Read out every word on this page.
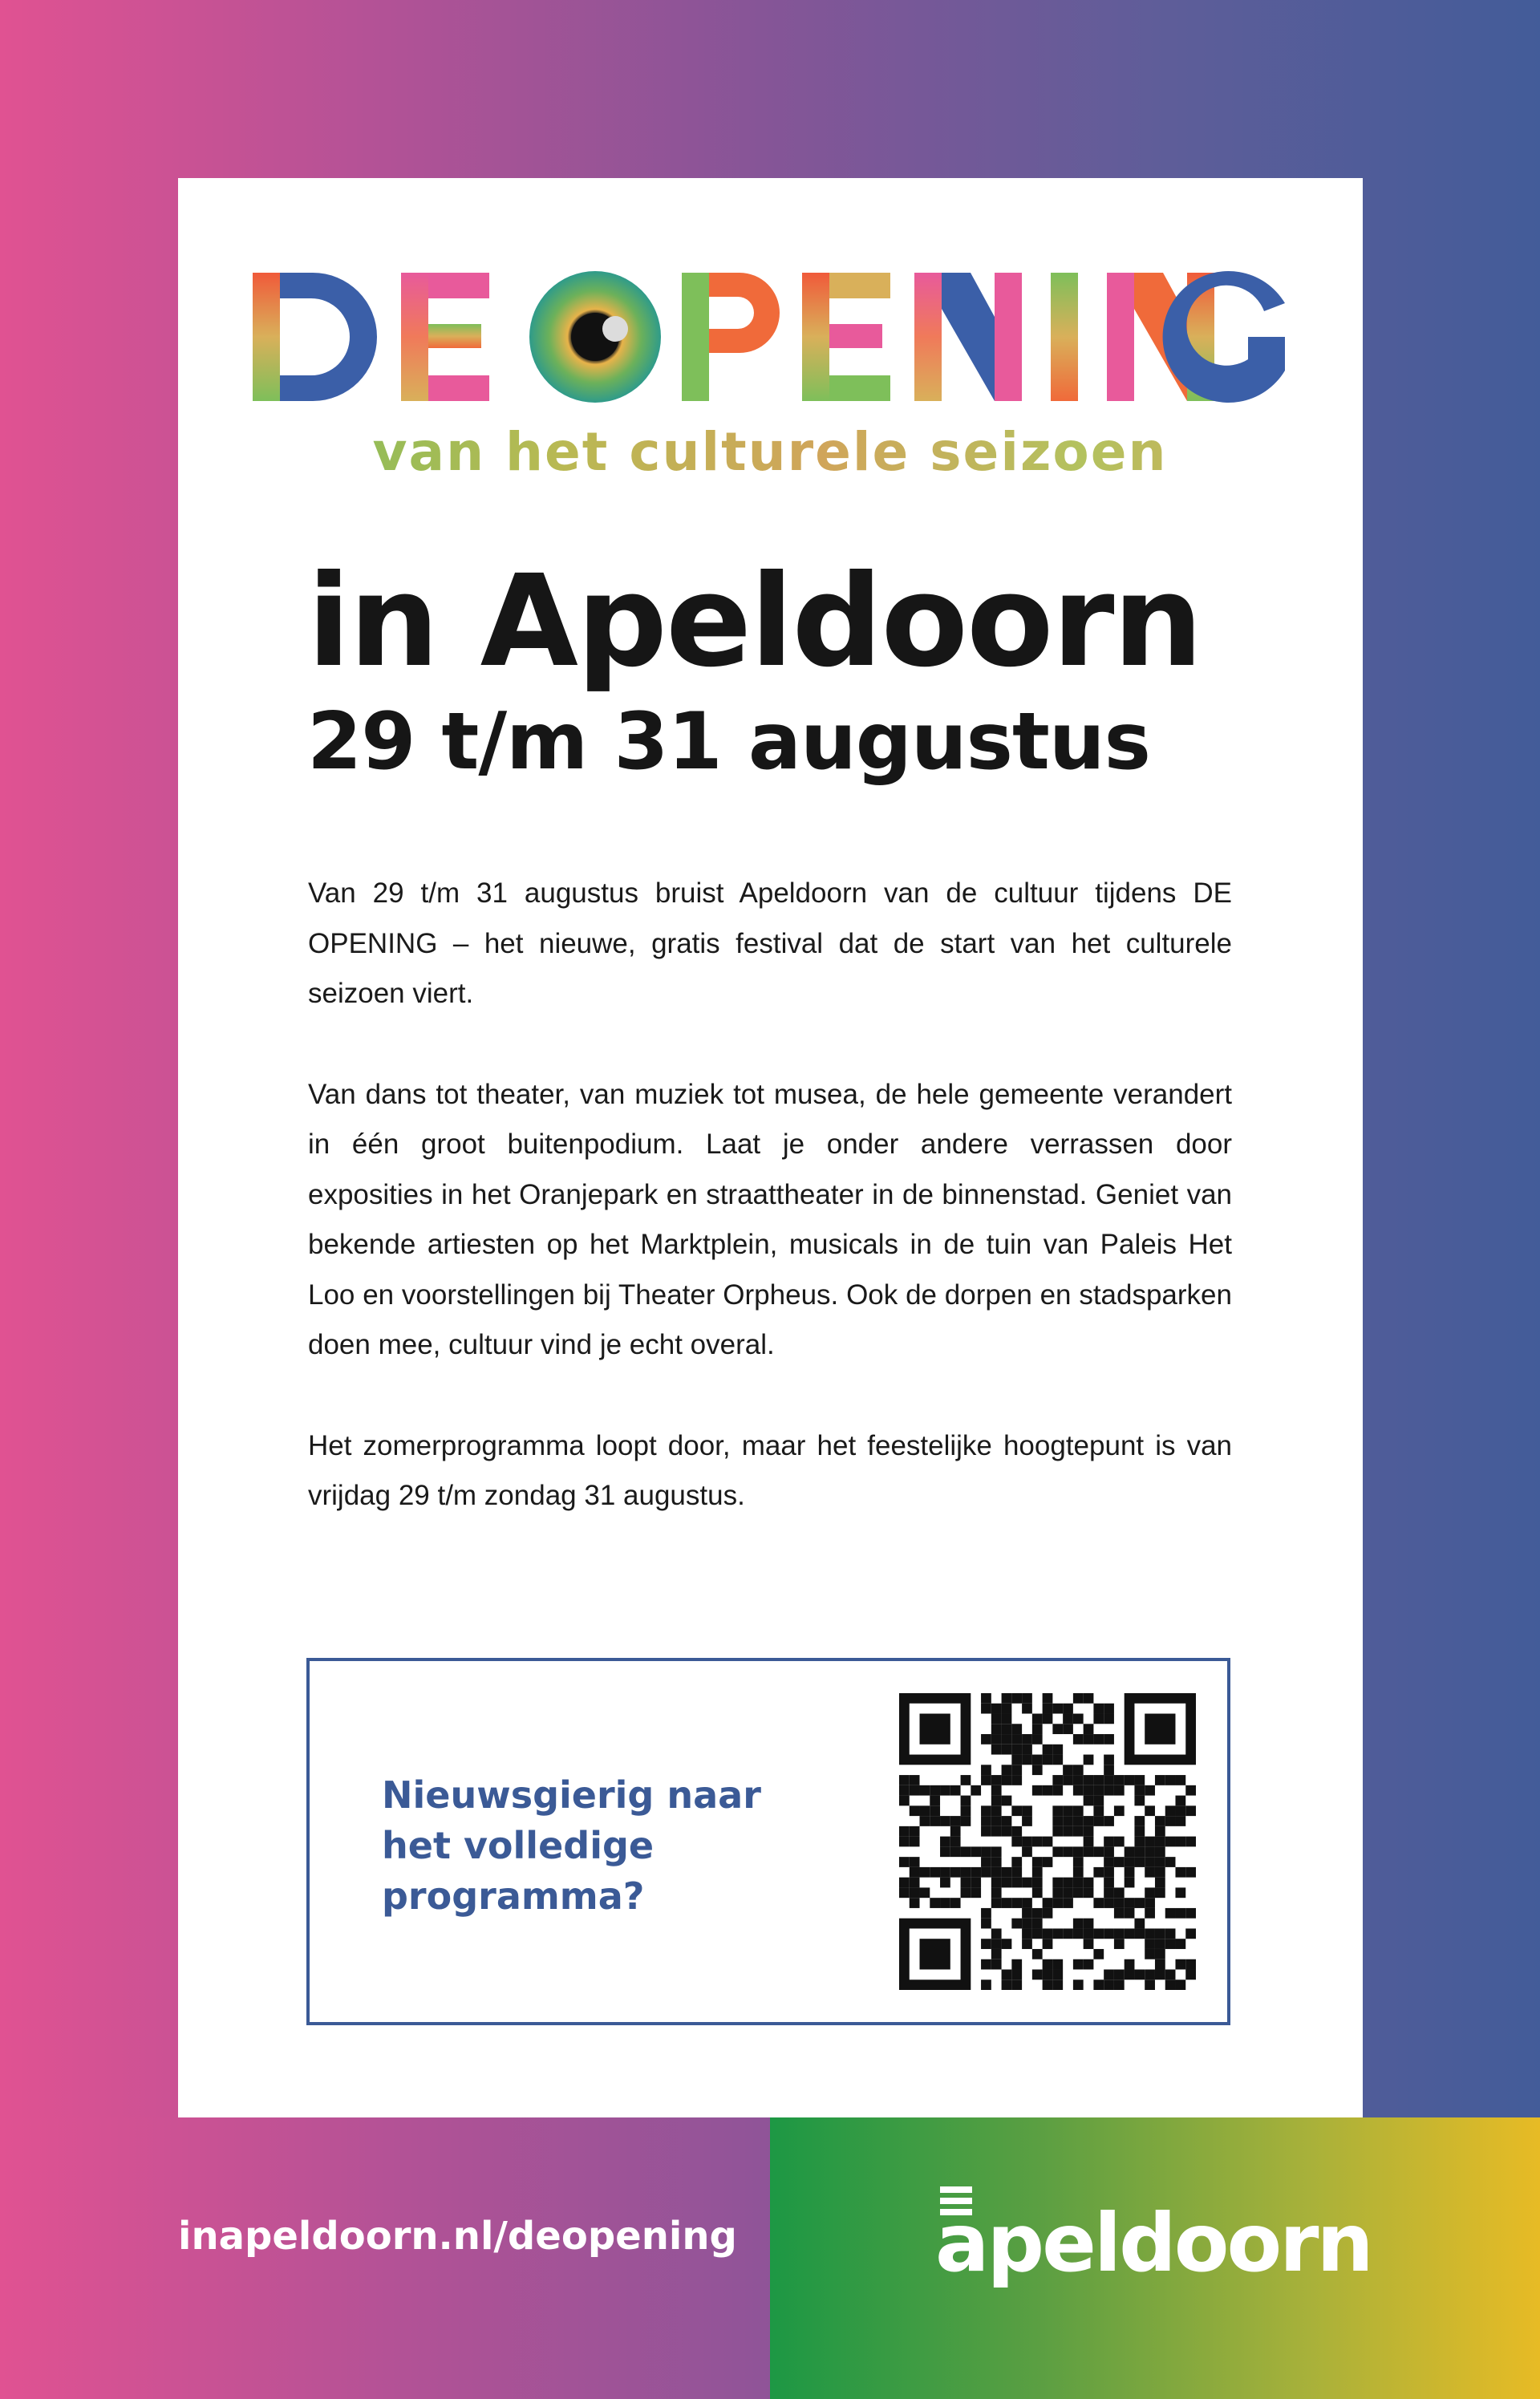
van het culturele seizoen
in Apeldoorn
29 t/m 31 augustus

Van 29 t/m 31 augustus bruist Apeldoorn van de cultuur tijdens DE OPENING – het nieuwe, gratis festival dat de start van het culturele seizoen viert.

Van dans tot theater, van muziek tot musea, de hele gemeente verandert in één groot buitenpodium. Laat je onder andere verrassen door exposities in het Oranjepark en straattheater in de binnenstad. Geniet van bekende artiesten op het Marktplein, musicals in de tuin van Paleis Het Loo en voorstellingen bij Theater Orpheus. Ook de dorpen en stadsparken doen mee, cultuur vind je echt overal.

Het zomerprogramma loopt door, maar het feestelijke hoogtepunt is van vrijdag 29 t/m zondag 31 augustus.

Nieuwsgierig naar het volledige programma?
inapeldoorn.nl/deopening apeldoorn
